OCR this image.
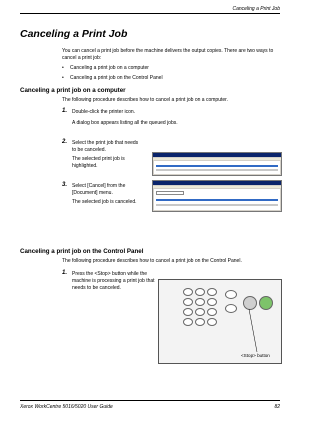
Canceling a Print Job
Canceling a Print Job
You can cancel a print job before the machine delivers the output copies. There are two ways to cancel a print job:
• Canceling a print job on a computer
• Canceling a print job on the Control Panel
Canceling a print job on a computer
The following procedure describes how to cancel a print job on a computer.
1. Double-click the printer icon.
A dialog box appears listing all the queued jobs.
2. Select the print job that needs
to be canceled.
The selected print job is
highlighted.
3. Select [Cancel] from the
[Document] menu.
The selected job is canceled.
Canceling a print job on the Control Panel
The following procedure describes how to cancel a print job on the Control Panel.
1. Press the <Stop> button while the
machine is processing a print job that
needs to be canceled.
<Stop> button
Xerox WorkCentre 5016/5020 User Guide	82
